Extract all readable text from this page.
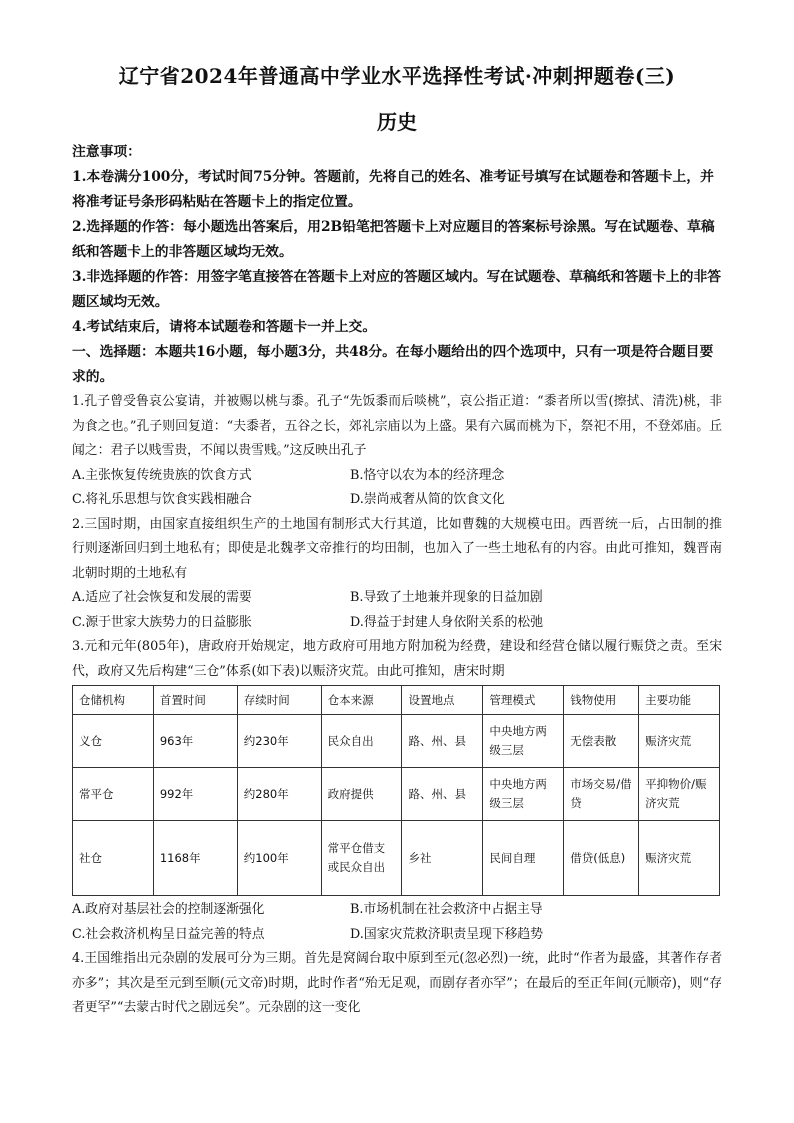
辽宁省2024年普通高中学业水平选择性考试·冲刺押题卷(三)
历史
注意事项：
1.本卷满分100分，考试时间75分钟。答题前，先将自己的姓名、准考证号填写在试题卷和答题卡上，并将准考证号条形码粘贴在答题卡上的指定位置。
2.选择题的作答：每小题选出答案后，用2B铅笔把答题卡上对应题目的答案标号涂黑。写在试题卷、草稿纸和答题卡上的非答题区域均无效。
3.非选择题的作答：用签字笔直接答在答题卡上对应的答题区域内。写在试题卷、草稿纸和答题卡上的非答题区域均无效。
4.考试结束后，请将本试题卷和答题卡一并上交。
一、选择题：本题共16小题，每小题3分，共48分。在每小题给出的四个选项中，只有一项是符合题目要求的。
1.孔子曾受鲁哀公宴请，并被赐以桃与黍。孔子“先饭黍而后啖桃”，哀公指正道：“黍者所以雪(擦拭、清洗)桃，非为食之也。”孔子则回复道：“夫黍者，五谷之长，郊礼宗庙以为上盛。果有六属而桃为下，祭祀不用，不登郊庙。丘闻之：君子以贱雪贵，不闻以贵雪贱。”这反映出孔子
A.主张恢复传统贵族的饮食方式	B.恪守以农为本的经济理念
C.将礼乐思想与饮食实践相融合	D.崇尚戒奢从简的饮食文化
2.三国时期，由国家直接组织生产的土地国有制形式大行其道，比如曹魏的大规模屯田。西晋统一后，占田制的推行则逐渐回归到土地私有；即使是北魏孝文帝推行的均田制，也加入了一些土地私有的内容。由此可推知，魏晋南北朝时期的土地私有
A.适应了社会恢复和发展的需要	B.导致了土地兼并现象的日益加剧
C.源于世家大族势力的日益膨胀	D.得益于封建人身依附关系的松弛
3.元和元年(805年)，唐政府开始规定，地方政府可用地方附加税为经费，建设和经营仓储以履行赈贷之责。至宋代，政府又先后构建“三仓”体系(如下表)以赈济灾荒。由此可推知，唐宋时期
仓储机构	首置时间	存续时间	仓本来源	设置地点	管理模式	钱物使用	主要功能
义仓	963年	约230年	民众自出	路、州、县	中央地方两级三层	无偿表散	赈济灾荒
常平仓	992年	约280年	政府提供	路、州、县	中央地方两级三层	市场交易/借贷	平抑物价/赈济灾荒
社仓	1168年	约100年	常平仓借支或民众自出	乡社	民间自理	借贷(低息)	赈济灾荒
A.政府对基层社会的控制逐渐强化	B.市场机制在社会救济中占据主导
C.社会救济机构呈日益完善的特点	D.国家灾荒救济职责呈现下移趋势
4.王国维指出元杂剧的发展可分为三期。首先是窝阔台取中原到至元(忽必烈)一统，此时“作者为最盛，其著作存者亦多”；其次是至元到至顺(元文帝)时期，此时作者“殆无足观，而剧存者亦罕”；在最后的至正年间(元顺帝)，则“存者更罕”“去蒙古时代之剧远矣”。元杂剧的这一变化
